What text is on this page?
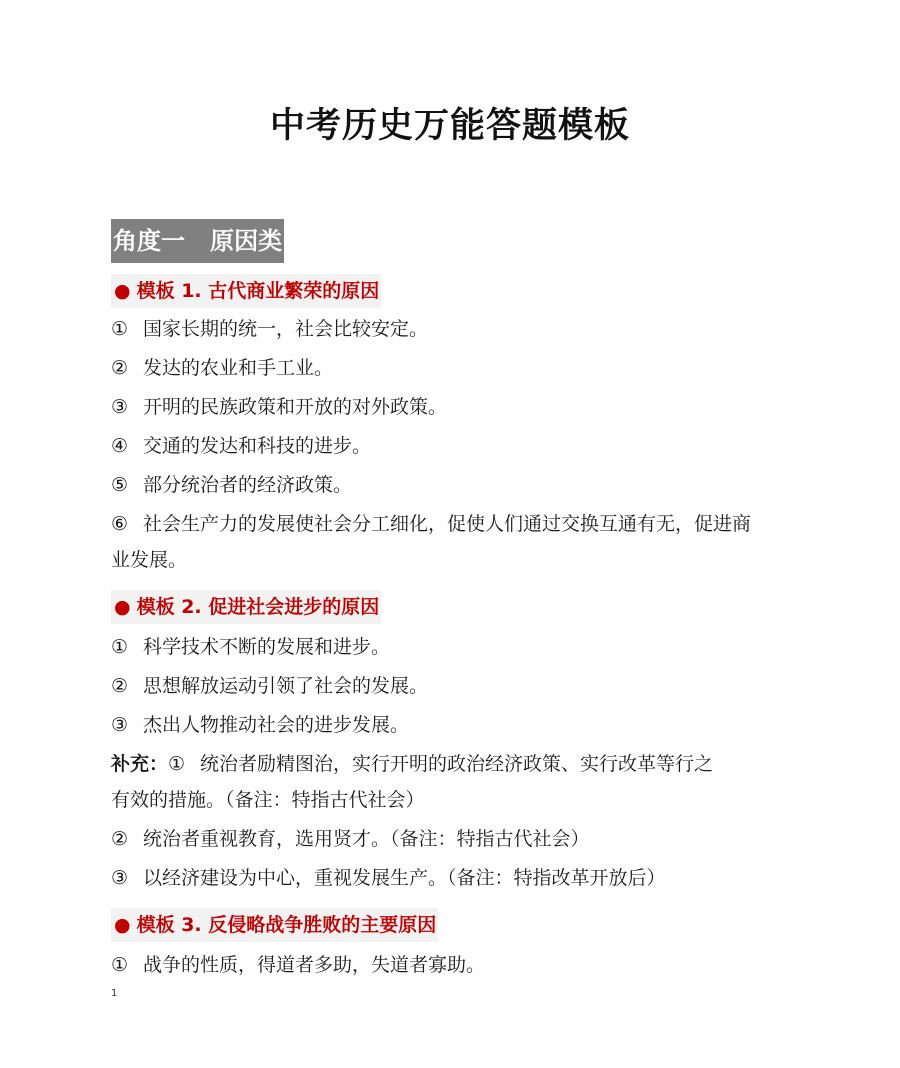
中考历史万能答题模板
角度一   原因类
● 模板 1. 古代商业繁荣的原因
① 国家长期的统一，社会比较安定。
② 发达的农业和手工业。
③ 开明的民族政策和开放的对外政策。
④ 交通的发达和科技的进步。
⑤ 部分统治者的经济政策。
⑥ 社会生产力的发展使社会分工细化，促使人们通过交换互通有无，促进商
业发展。
● 模板 2. 促进社会进步的原因
① 科学技术不断的发展和进步。
② 思想解放运动引领了社会的发展。
③ 杰出人物推动社会的进步发展。
补充：① 统治者励精图治，实行开明的政治经济政策、实行改革等行之
有效的措施。（备注：特指古代社会）
② 统治者重视教育，选用贤才。（备注：特指古代社会）
③ 以经济建设为中心，重视发展生产。（备注：特指改革开放后）
● 模板 3. 反侵略战争胜败的主要原因
① 战争的性质，得道者多助，失道者寡助。
1
